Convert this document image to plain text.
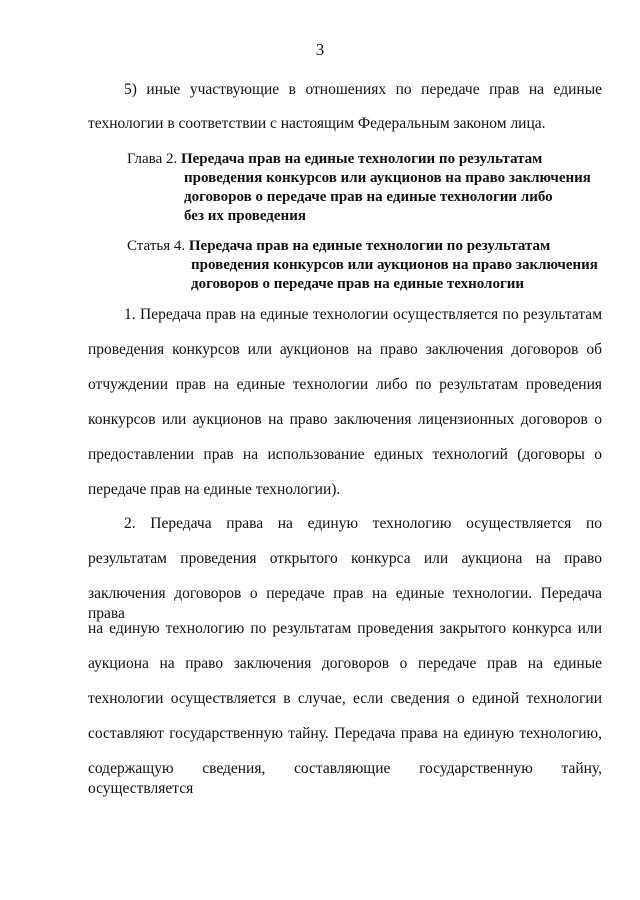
3
5) иные участвующие в отношениях по передаче прав на единые
технологии в соответствии с настоящим Федеральным законом лица.
Глава 2. Передача прав на единые технологии по результатам
проведения конкурсов или аукционов на право заключения
договоров о передаче прав на единые технологии либо
без их проведения
Статья 4. Передача прав на единые технологии по результатам
проведения конкурсов или аукционов на право заключения
договоров о передаче прав на единые технологии
1. Передача прав на единые технологии осуществляется по результатам
проведения конкурсов или аукционов на право заключения договоров об
отчуждении прав на единые технологии либо по результатам проведения
конкурсов или аукционов на право заключения лицензионных договоров о
предоставлении прав на использование единых технологий (договоры о
передаче прав на единые технологии).
2. Передача права на единую технологию осуществляется по
результатам проведения открытого конкурса или аукциона на право
заключения договоров о передаче прав на единые технологии. Передача права
на единую технологию по результатам проведения закрытого конкурса или
аукциона на право заключения договоров о передаче прав на единые
технологии осуществляется в случае, если сведения о единой технологии
составляют государственную тайну. Передача права на единую технологию,
содержащую сведения, составляющие государственную тайну, осуществляется
